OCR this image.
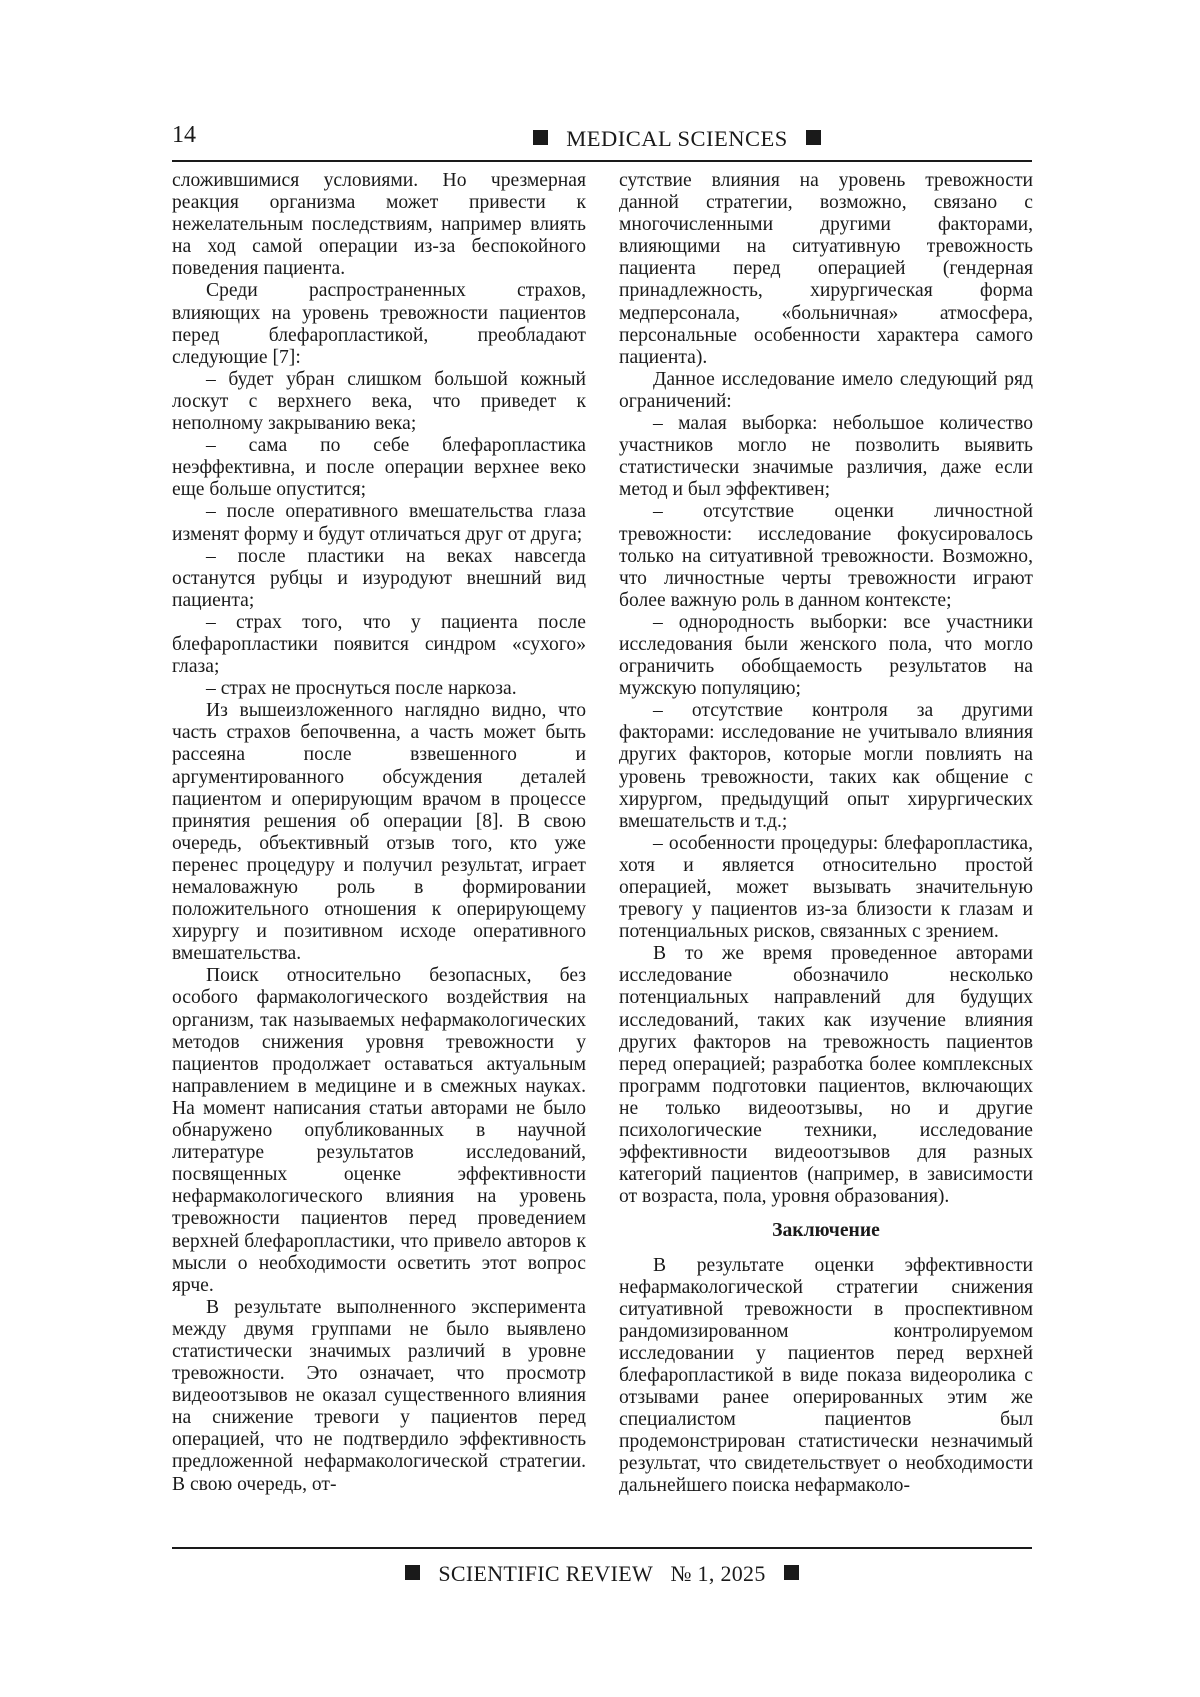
14	MEDICAL SCIENCES

сложившимися условиями. Но чрезмерная реакция организма может привести к нежелательным последствиям, например влиять на ход самой операции из-за беспокойного поведения пациента.

Среди распространенных страхов, влияющих на уровень тревожности пациентов перед блефаропластикой, преобладают следующие [7]:

– будет убран слишком большой кожный лоскут с верхнего века, что приведет к неполному закрыванию века;

– сама по себе блефаропластика неэффективна, и после операции верхнее веко еще больше опустится;

– после оперативного вмешательства глаза изменят форму и будут отличаться друг от друга;

– после пластики на веках навсегда останутся рубцы и изуродуют внешний вид пациента;

– страх того, что у пациента после блефаропластики появится синдром «сухого» глаза;

– страх не проснуться после наркоза.

Из вышеизложенного наглядно видно, что часть страхов бепочвенна, а часть может быть рассеяна после взвешенного и аргументированного обсуждения деталей пациентом и оперирующим врачом в процессе принятия решения об операции [8]. В свою очередь, объективный отзыв того, кто уже перенес процедуру и получил результат, играет немаловажную роль в формировании положительного отношения к оперирующему хирургу и позитивном исходе оперативного вмешательства.

Поиск относительно безопасных, без особого фармакологического воздействия на организм, так называемых нефармакологических методов снижения уровня тревожности у пациентов продолжает оставаться актуальным направлением в медицине и в смежных науках. На момент написания статьи авторами не было обнаружено опубликованных в научной литературе результатов исследований, посвященных оценке эффективности нефармакологического влияния на уровень тревожности пациентов перед проведением верхней блефаропластики, что привело авторов к мысли о необходимости осветить этот вопрос ярче.

В результате выполненного эксперимента между двумя группами не было выявлено статистически значимых различий в уровне тревожности. Это означает, что просмотр видеоотзывов не оказал существенного влияния на снижение тревоги у пациентов перед операцией, что не подтвердило эффективность предложенной нефармакологической стратегии. В свою очередь, от-

сутствие влияния на уровень тревожности данной стратегии, возможно, связано с многочисленными другими факторами, влияющими на ситуативную тревожность пациента перед операцией (гендерная принадлежность, хирургическая форма медперсонала, «больничная» атмосфера, персональные особенности характера самого пациента).

Данное исследование имело следующий ряд ограничений:

– малая выборка: небольшое количество участников могло не позволить выявить статистически значимые различия, даже если метод и был эффективен;

– отсутствие оценки личностной тревожности: исследование фокусировалось только на ситуативной тревожности. Возможно, что личностные черты тревожности играют более важную роль в данном контексте;

– однородность выборки: все участники исследования были женского пола, что могло ограничить обобщаемость результатов на мужскую популяцию;

– отсутствие контроля за другими факторами: исследование не учитывало влияния других факторов, которые могли повлиять на уровень тревожности, таких как общение с хирургом, предыдущий опыт хирургических вмешательств и т.д.;

– особенности процедуры: блефаропластика, хотя и является относительно простой операцией, может вызывать значительную тревогу у пациентов из-за близости к глазам и потенциальных рисков, связанных с зрением.

В то же время проведенное авторами исследование обозначило несколько потенциальных направлений для будущих исследований, таких как изучение влияния других факторов на тревожность пациентов перед операцией; разработка более комплексных программ подготовки пациентов, включающих не только видеоотзывы, но и другие психологические техники, исследование эффективности видеоотзывов для разных категорий пациентов (например, в зависимости от возраста, пола, уровня образования).

Заключение

В результате оценки эффективности нефармакологической стратегии снижения ситуативной тревожности в проспективном рандомизированном контролируемом исследовании у пациентов перед верхней блефаропластикой в виде показа видеоролика с отзывами ранее оперированных этим же специалистом пациентов был продемонстрирован статистически незначимый результат, что свидетельствует о необходимости дальнейшего поиска нефармаколо-

SCIENTIFIC REVIEW № 1, 2025
